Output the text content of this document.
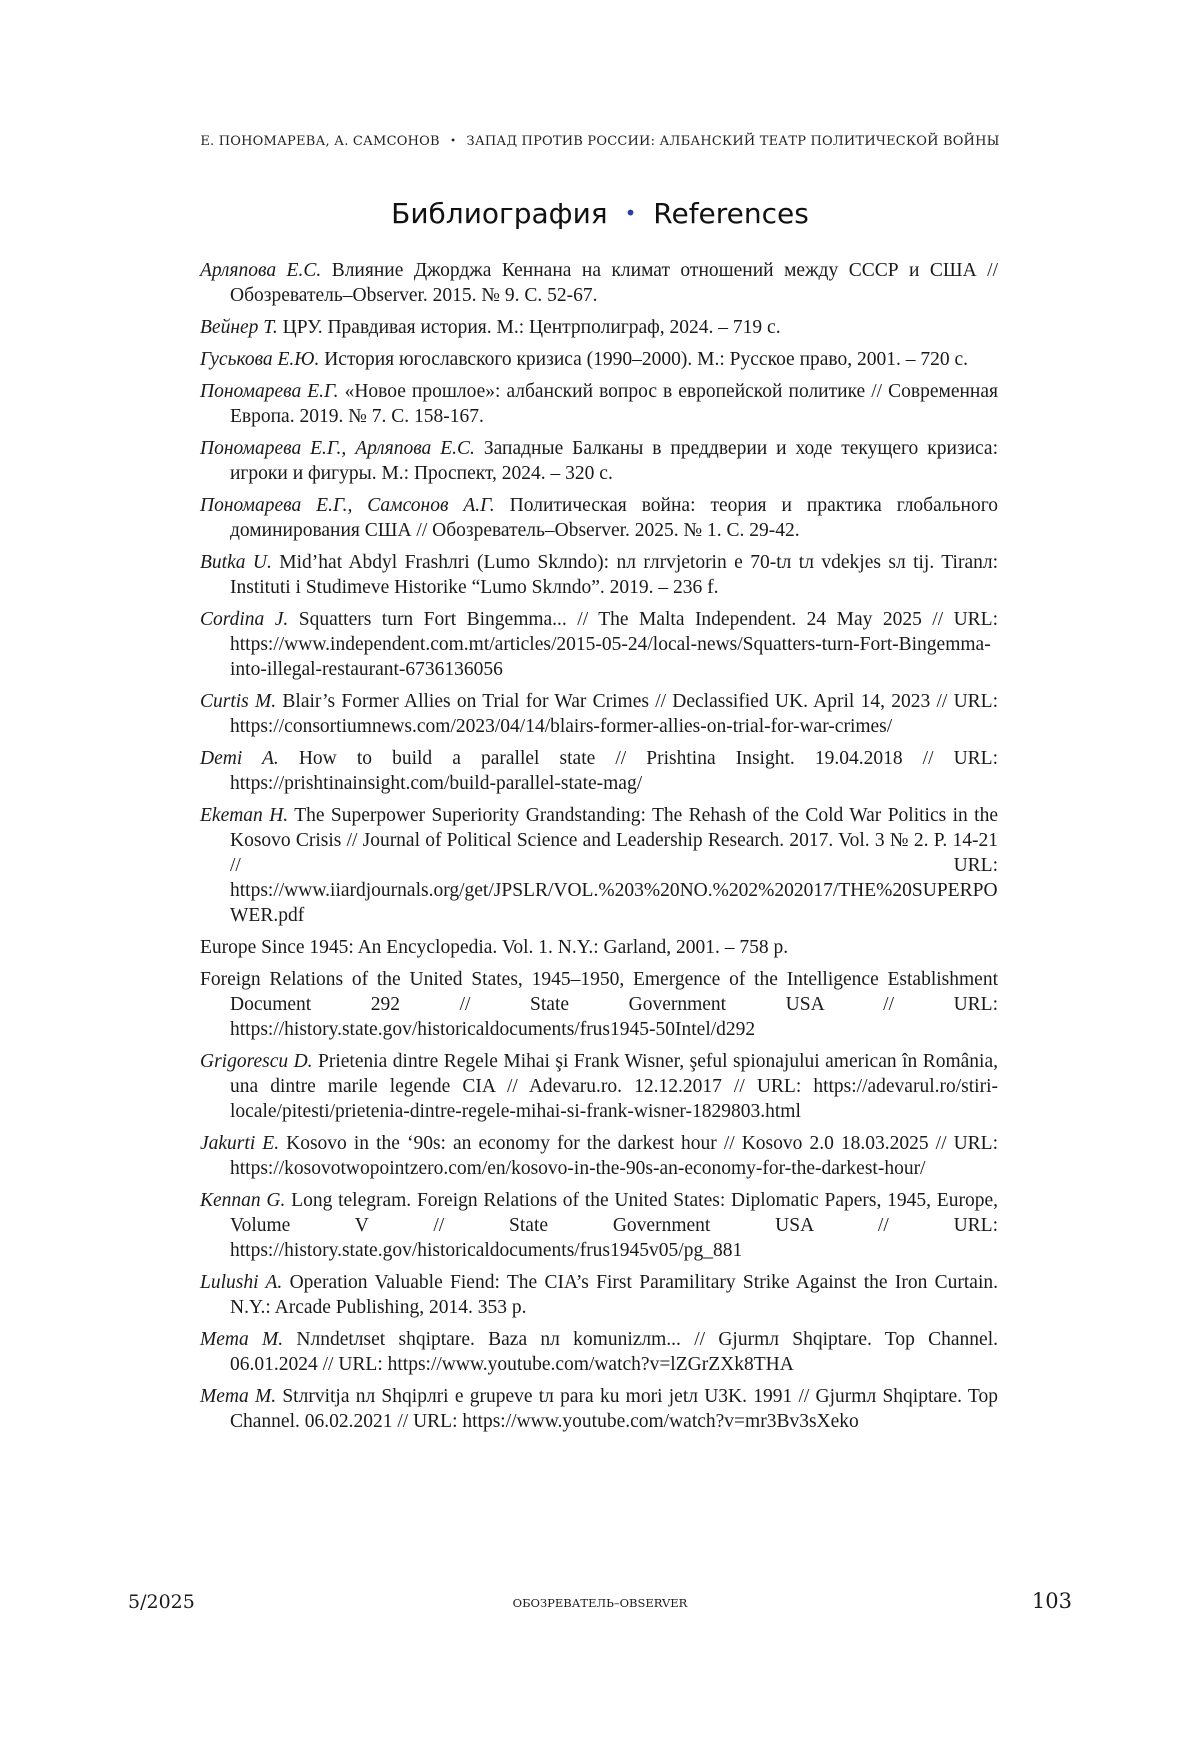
Е. ПОНОМАРЕВА, А. САМСОНОВ • ЗАПАД ПРОТИВ РОССИИ: АЛБАНСКИЙ ТЕАТР ПОЛИТИЧЕСКОЙ ВОЙНЫ
Библиография • References

Арляпова Е.С. Влияние Джорджа Кеннана на климат отношений между СССР и США // Обозреватель–Observer. 2015. № 9. С. 52-67.

Вейнер Т. ЦРУ. Правдивая история. М.: Центрполиграф, 2024. – 719 с.

Гуськова Е.Ю. История югославского кризиса (1990–2000). М.: Русское право, 2001. – 720 с.

Пономарева Е.Г. «Новое прошлое»: албанский вопрос в европейской политике // Современная Европа. 2019. № 7. С. 158-167.

Пономарева Е.Г., Арляпова Е.С. Западные Балканы в преддверии и ходе текущего кризиса: игроки и фигуры. М.: Проспект, 2024. – 320 с.

Пономарева Е.Г., Самсонов А.Г. Политическая война: теория и практика глобаль­ного доминирования США // Обозреватель–Observer. 2025. № 1. С. 29-42.

Butka U. Mid’hat Abdyl Frashлri (Lumo Skлndo): nл rлrvjetorin e 70-tл tл vdekjes sл tij. Tiranл: Instituti i Studimeve Historike “Lumo Skлndo”. 2019. – 236 f.

Cordina J. Squatters turn Fort Bingemma... // The Malta Independent. 24 May 2025 // URL: https://www.independent.com.mt/articles/2015-05-24/local-news/Squatters-turn-Fort-Bingemma-into-illegal-restaurant-6736136056

Curtis M. Blair’s Former Allies on Trial for War Crimes // Declassified UK. April 14, 2023 // URL: https://consortiumnews.com/2023/04/14/blairs-former-allies-on-trial-for-war-crimes/

Demi A. How to build a parallel state // Prishtina Insight. 19.04.2018 // URL: https://prishtinainsight.com/build-parallel-state-mag/

Ekeman H. The Superpower Superiority Grandstanding: The Rehash of the Cold War Politics in the Kosovo Crisis // Journal of Political Science and Leadership Research. 2017. Vol. 3 № 2. P. 14-21 // URL: https://www.iiardjournals.org/get/JPSLR/VOL.%203%20NO.%202%202017/THE%20SUPERPOWER.pdf

Europe Since 1945: An Encyclopedia. Vol. 1. N.Y.: Garland, 2001. – 758 p.

Foreign Relations of the United States, 1945–1950, Emergence of the Intelligence Establishment Document 292 // State Government USA // URL: https://history.state.gov/historicaldocuments/frus1945-50Intel/d292

Grigorescu D. Prietenia dintre Regele Mihai şi Frank Wisner, şeful spionajului american în România, una dintre marile legende CIA // Adevaru.ro. 12.12.2017 // URL: https://adevarul.ro/stiri-locale/pitesti/prietenia-dintre-regele-mihai-si-frank-wisner-1829803.html

Jakurti E. Kosovo in the ‘90s: an economy for the darkest hour // Kosovo 2.0 18.03.2025 // URL: https://kosovotwopointzero.com/en/kosovo-in-the-90s-an-economy-for-the-darkest-hour/

Kennan G. Long telegram. Foreign Relations of the United States: Diplomatic Papers, 1945, Europe, Volume V // State Government USA // URL: https://history.state.gov/historicaldocuments/frus1945v05/pg_881

Lulushi A. Operation Valuable Fiend: The CIA’s First Paramilitary Strike Against the Iron Curtain. N.Y.: Arcade Publishing, 2014. 353 p.

Mema M. Nлndetлset shqiptare. Baza nл komunizлm... // Gjurmл Shqiptare. Top Channel. 06.01.2024 // URL: https://www.youtube.com/watch?v=lZGrZXk8THA

Mema M. Stлrvitja nл Shqipлri e grupeve tл para ku mori jetл U3K. 1991 // Gjurmл Shqiptare. Top Channel. 06.02.2021 // URL: https://www.youtube.com/watch?v=mr3Bv3sXeko

5/2025	ОБОЗРЕВАТЕЛЬ–OBSERVER	103
